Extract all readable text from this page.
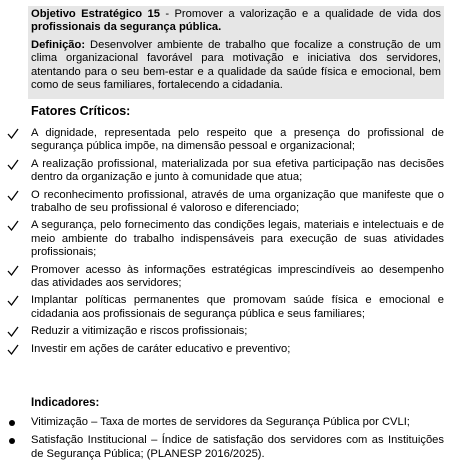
Objetivo Estratégico 15 - Promover a valorização e a qualidade de vida dos profissionais da segurança pública.

Definição: Desenvolver ambiente de trabalho que focalize a construção de um clima organizacional favorável para motivação e iniciativa dos servidores, atentando para o seu bem-estar e a qualidade da saúde física e emocional, bem como de seus familiares, fortalecendo a cidadania.

Fatores Críticos:
A dignidade, representada pelo respeito que a presença do profissional de segurança pública impõe, na dimensão pessoal e organizacional;
A realização profissional, materializada por sua efetiva participação nas decisões dentro da organização e junto à comunidade que atua;
O reconhecimento profissional, através de uma organização que manifeste que o trabalho de seu profissional é valoroso e diferenciado;
A segurança, pelo fornecimento das condições legais, materiais e intelectuais e de meio ambiente do trabalho indispensáveis para execução de suas atividades profissionais;
Promover acesso às informações estratégicas imprescindíveis ao desempenho das atividades aos servidores;
Implantar políticas permanentes que promovam saúde física e emocional e cidadania aos profissionais de segurança pública e seus familiares;
Reduzir a vitimização e riscos profissionais;
Investir em ações de caráter educativo e preventivo;
Indicadores:
Vitimização – Taxa de mortes de servidores da Segurança Pública por CVLI;
Satisfação Institucional – Índice de satisfação dos servidores com as Instituições de Segurança Pública; (PLANESP 2016/2025).
